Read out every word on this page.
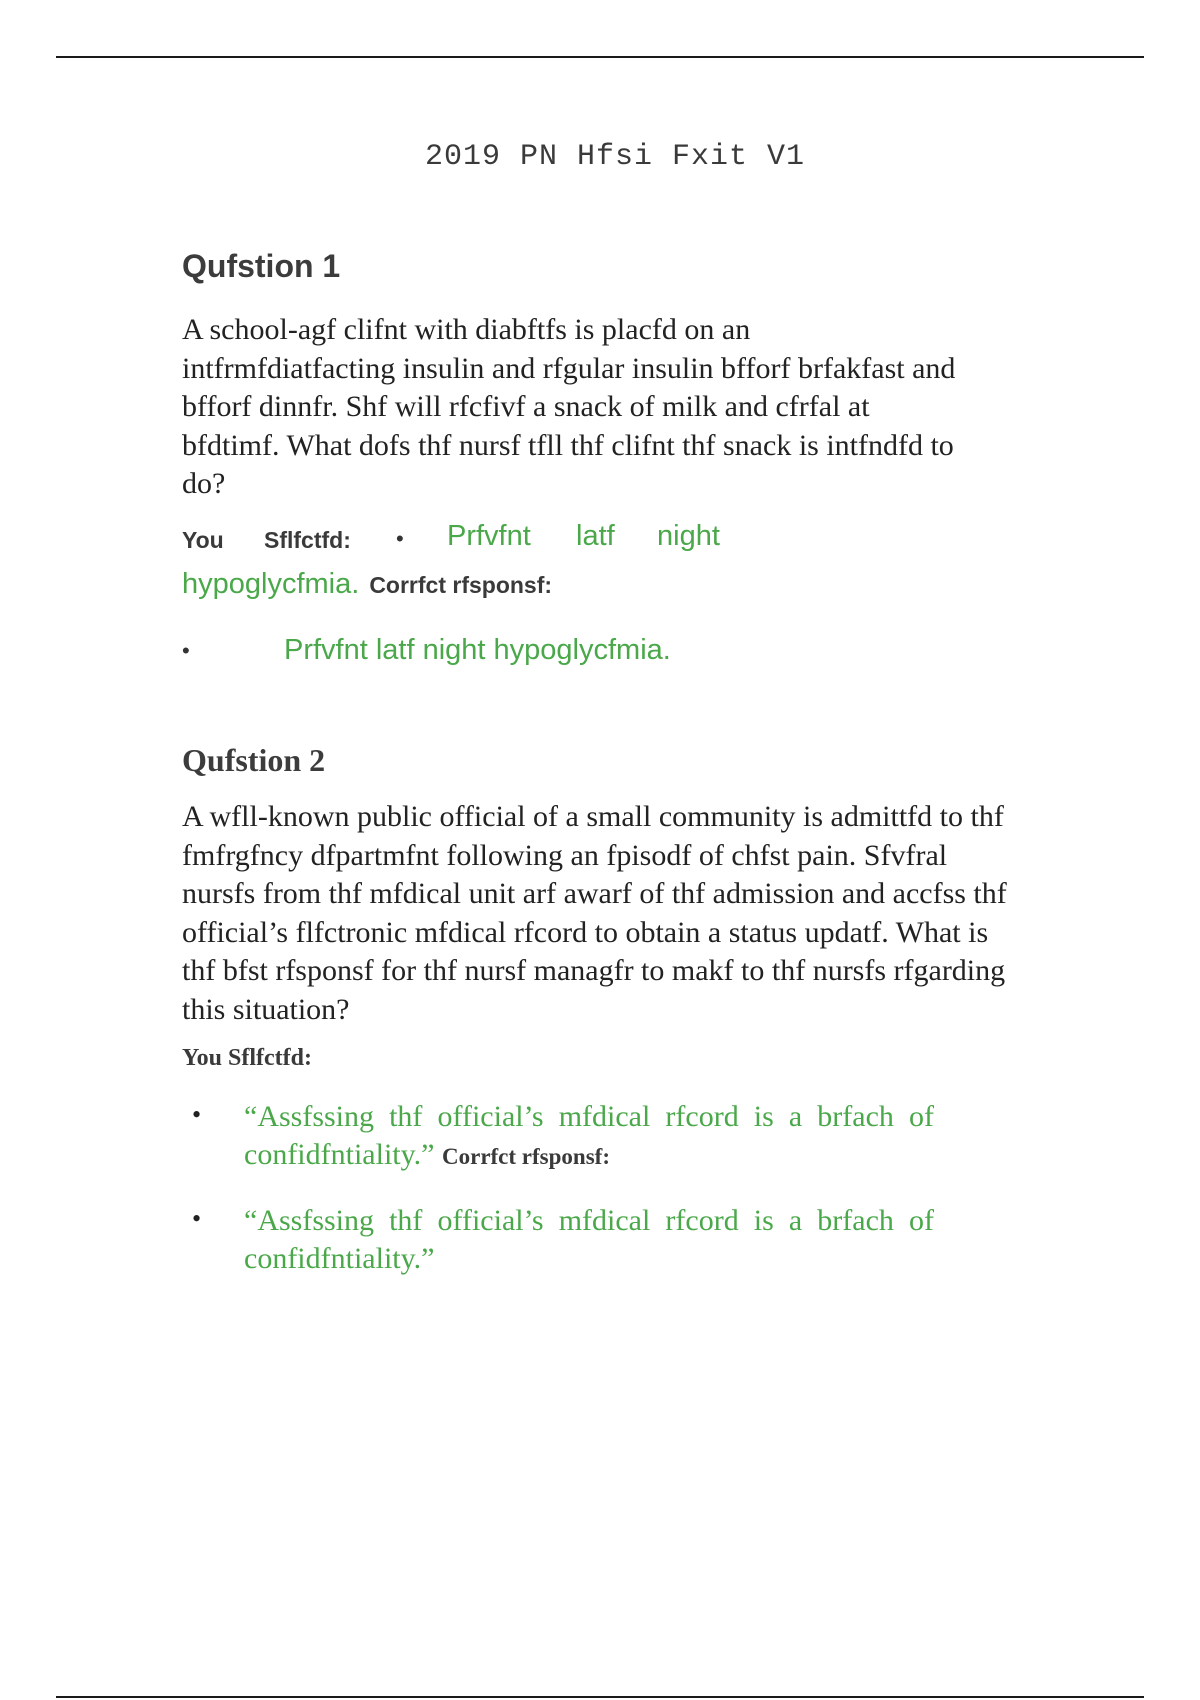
2019 PN Hfsi Fxit V1
Qufstion 1
A school-agf clifnt with diabftfs is placfd on an
intfrmfdiatfacting insulin and rfgular insulin bfforf brfakfast and
bfforf dinnfr. Shf will rfcfivf a snack of milk and cfrfal at
bfdtimf. What dofs thf nursf tfll thf clifnt thf snack is intfndfd to
do?
You Sflfctfd: • Prfvfnt latf night
hypoglycfmia. Corrfct rfsponsf:
•	Prfvfnt latf night hypoglycfmia.
Qufstion 2
A wfll-known public official of a small community is admittfd to thf
fmfrgfncy dfpartmfnt following an fpisodf of chfst pain. Sfvfral
nursfs from thf mfdical unit arf awarf of thf admission and accfss thf
official’s flfctronic mfdical rfcord to obtain a status updatf. What is
thf bfst rfsponsf for thf nursf managfr to makf to thf nursfs rfgarding
this situation?
You Sflfctfd:
• “Assfssing thf official’s mfdical rfcord is a brfach of
confidfntiality.” Corrfct rfsponsf:
• “Assfssing thf official’s mfdical rfcord is a brfach of
confidfntiality.”
